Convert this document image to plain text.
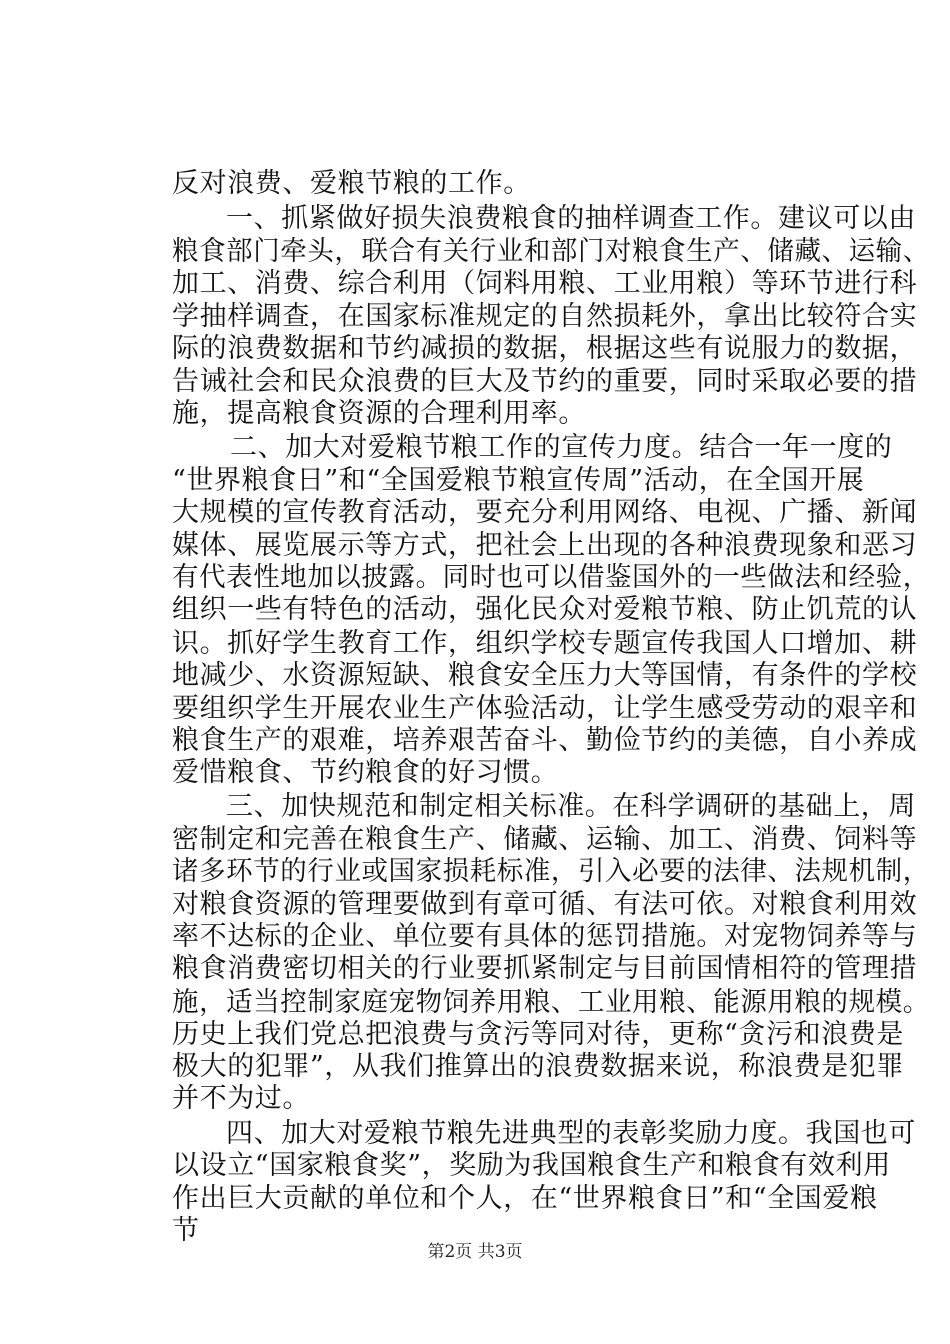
反对浪费、爱粮节粮的工作。
一、抓紧做好损失浪费粮食的抽样调查工作。建议可以由
粮食部门牵头，联合有关行业和部门对粮食生产、储藏、运输、
加工、消费、综合利用（饲料用粮、工业用粮）等环节进行科
学抽样调查，在国家标准规定的自然损耗外，拿出比较符合实
际的浪费数据和节约减损的数据，根据这些有说服力的数据，
告诫社会和民众浪费的巨大及节约的重要，同时采取必要的措
施，提高粮食资源的合理利用率。
二、加大对爱粮节粮工作的宣传力度。结合一年一度的
“世界粮食日”和“全国爱粮节粮宣传周”活动，在全国开展
大规模的宣传教育活动，要充分利用网络、电视、广播、新闻
媒体、展览展示等方式，把社会上出现的各种浪费现象和恶习
有代表性地加以披露。同时也可以借鉴国外的一些做法和经验，
组织一些有特色的活动，强化民众对爱粮节粮、防止饥荒的认
识。抓好学生教育工作，组织学校专题宣传我国人口增加、耕
地减少、水资源短缺、粮食安全压力大等国情，有条件的学校
要组织学生开展农业生产体验活动，让学生感受劳动的艰辛和
粮食生产的艰难，培养艰苦奋斗、勤俭节约的美德，自小养成
爱惜粮食、节约粮食的好习惯。
三、加快规范和制定相关标准。在科学调研的基础上，周
密制定和完善在粮食生产、储藏、运输、加工、消费、饲料等
诸多环节的行业或国家损耗标准，引入必要的法律、法规机制，
对粮食资源的管理要做到有章可循、有法可依。对粮食利用效
率不达标的企业、单位要有具体的惩罚措施。对宠物饲养等与
粮食消费密切相关的行业要抓紧制定与目前国情相符的管理措
施，适当控制家庭宠物饲养用粮、工业用粮、能源用粮的规模。
历史上我们党总把浪费与贪污等同对待，更称“贪污和浪费是
极大的犯罪”，从我们推算出的浪费数据来说，称浪费是犯罪
并不为过。
四、加大对爱粮节粮先进典型的表彰奖励力度。我国也可
以设立“国家粮食奖”，奖励为我国粮食生产和粮食有效利用
作出巨大贡献的单位和个人，在“世界粮食日”和“全国爱粮
节
第2页 共3页
